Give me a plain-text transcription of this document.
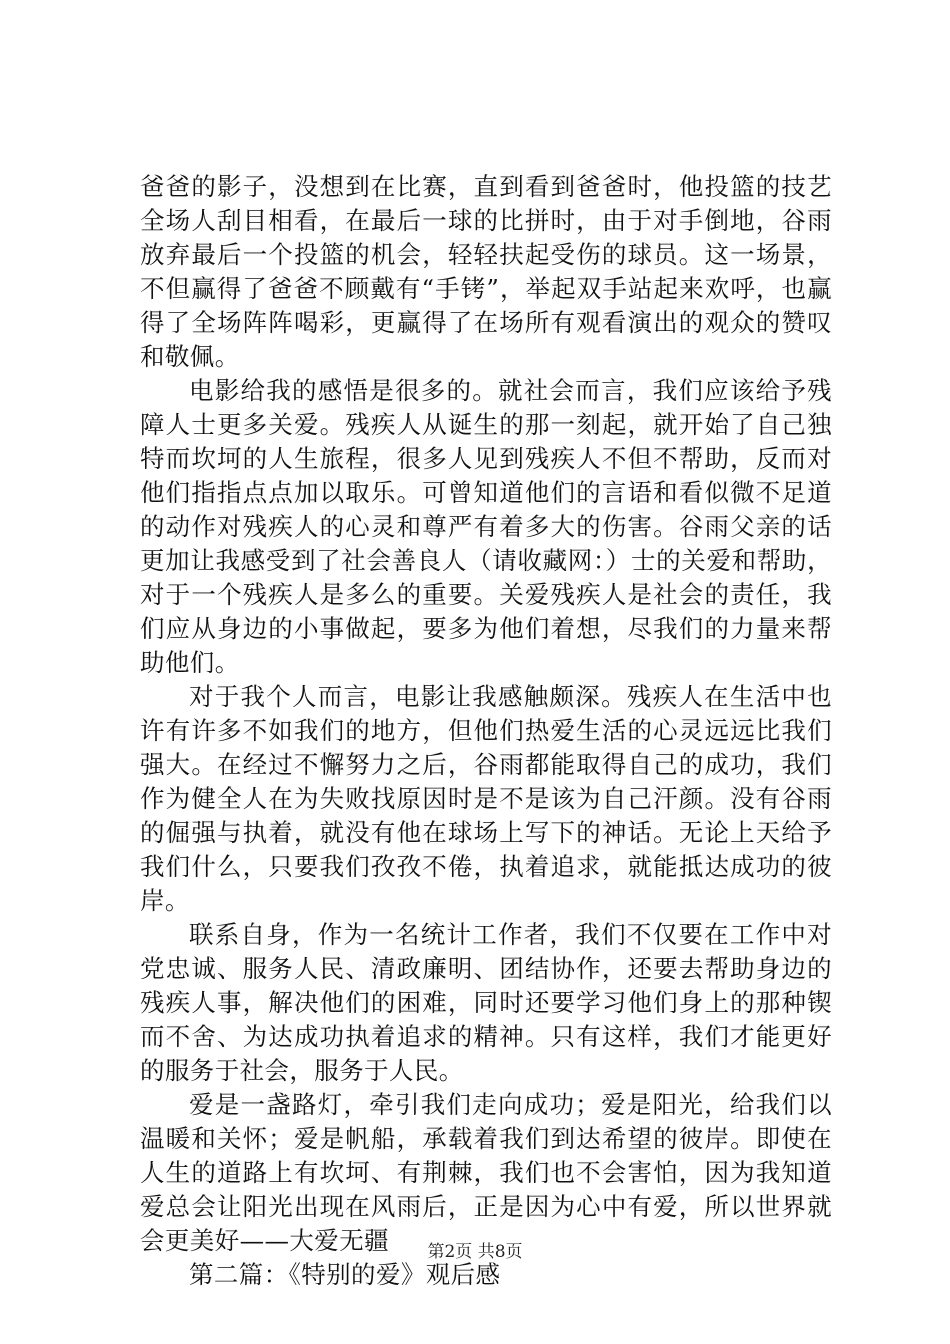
爸爸的影子，没想到在比赛，直到看到爸爸时，他投篮的技艺全场人刮目相看，在最后一球的比拼时，由于对手倒地，谷雨放弃最后一个投篮的机会，轻轻扶起受伤的球员。这一场景，不但赢得了爸爸不顾戴有“手铐”，举起双手站起来欢呼，也赢得了全场阵阵喝彩，更赢得了在场所有观看演出的观众的赞叹和敬佩。

电影给我的感悟是很多的。就社会而言，我们应该给予残障人士更多关爱。残疾人从诞生的那一刻起，就开始了自己独特而坎坷的人生旅程，很多人见到残疾人不但不帮助，反而对他们指指点点加以取乐。可曾知道他们的言语和看似微不足道的动作对残疾人的心灵和尊严有着多大的伤害。谷雨父亲的话更加让我感受到了社会善良人（请收藏网：）士的关爱和帮助，对于一个残疾人是多么的重要。关爱残疾人是社会的责任，我们应从身边的小事做起，要多为他们着想，尽我们的力量来帮助他们。

对于我个人而言，电影让我感触颇深。残疾人在生活中也许有许多不如我们的地方，但他们热爱生活的心灵远远比我们强大。在经过不懈努力之后，谷雨都能取得自己的成功，我们作为健全人在为失败找原因时是不是该为自己汗颜。没有谷雨的倔强与执着，就没有他在球场上写下的神话。无论上天给予我们什么，只要我们孜孜不倦，执着追求，就能抵达成功的彼岸。

联系自身，作为一名统计工作者，我们不仅要在工作中对党忠诚、服务人民、清政廉明、团结协作，还要去帮助身边的残疾人事，解决他们的困难，同时还要学习他们身上的那种锲而不舍、为达成功执着追求的精神。只有这样，我们才能更好的服务于社会，服务于人民。

爱是一盏路灯，牵引我们走向成功；爱是阳光，给我们以温暖和关怀；爱是帆船，承载着我们到达希望的彼岸。即使在人生的道路上有坎坷、有荆棘，我们也不会害怕，因为我知道爱总会让阳光出现在风雨后，正是因为心中有爱，所以世界就会更美好——大爱无疆

第二篇：《特别的爱》观后感

第2页 共8页
